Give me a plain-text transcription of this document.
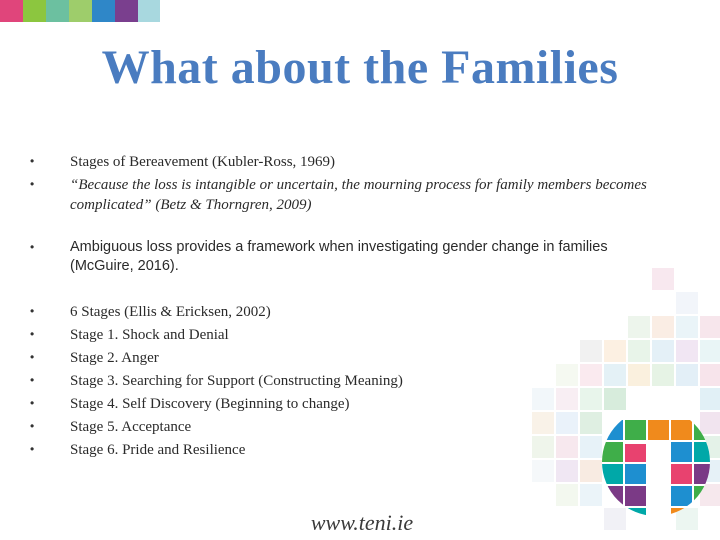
What about the Families
•	Stages of Bereavement (Kubler-Ross, 1969)
•	“Because the loss is intangible or uncertain, the mourning process for family members becomes complicated” (Betz & Thorngren, 2009)
•	Ambiguous loss provides a framework when investigating gender change in families (McGuire, 2016).
•	6 Stages (Ellis & Ericksen, 2002)
•	Stage 1. Shock and Denial
•	Stage 2. Anger
•	Stage 3. Searching for Support (Constructing Meaning)
•	Stage 4. Self Discovery (Beginning to change)
•	Stage 5. Acceptance
•	Stage 6. Pride and Resilience
www.teni.ie
